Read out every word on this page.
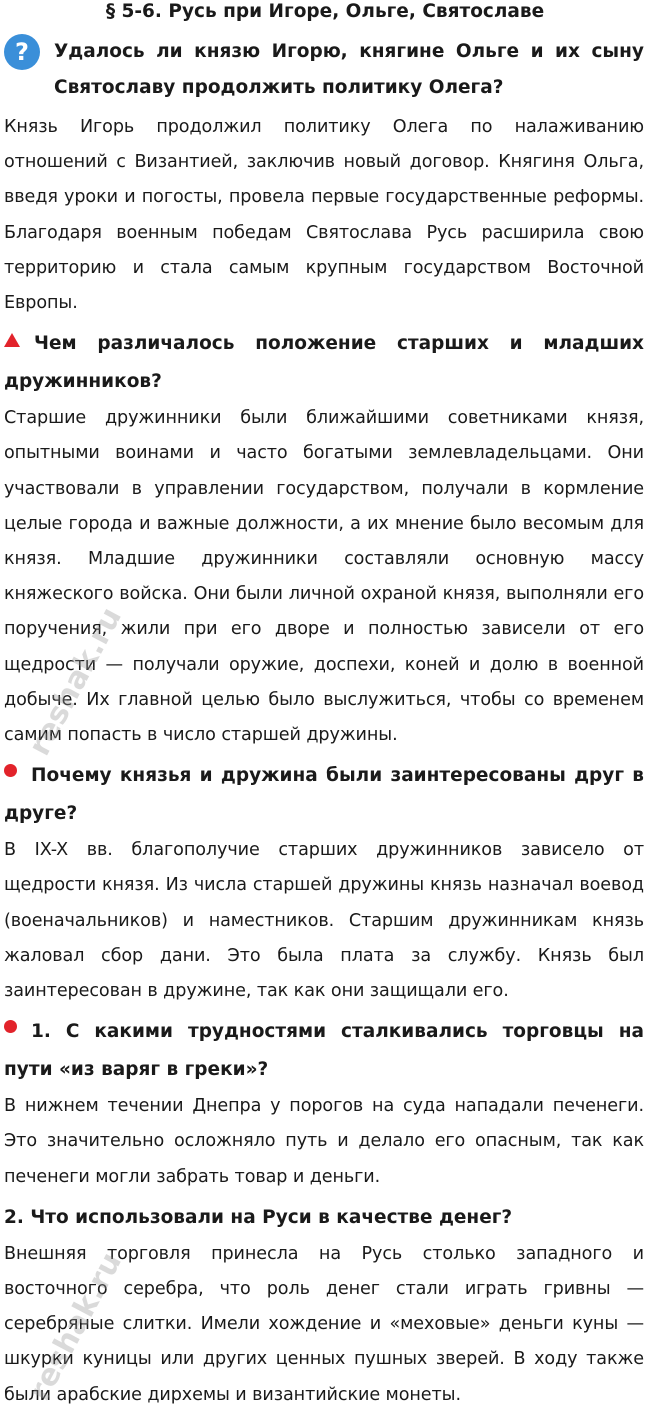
§ 5-6. Русь при Игоре, Ольге, Святославе
?	Удалось ли князю Игорю, княгине Ольге и их сыну Святославу продолжить политику Олега?

Князь Игорь продолжил политику Олега по налаживанию отношений с Византией, заключив новый договор. Княгиня Ольга, введя уроки и погосты, провела первые государственные реформы. Благодаря военным победам Святослава Русь расширила свою территорию и стала самым крупным государством Восточной Европы.

Чем различалось положение старших и младших дружинников?

Старшие дружинники были ближайшими советниками князя, опытными воинами и часто богатыми землевладельцами. Они участвовали в управлении государством, получали в кормление целые города и важные должности, а их мнение было весомым для князя. Младшие дружинники составляли основную массу княжеского войска. Они были личной охраной князя, выполняли его поручения, жили при его дворе и полностью зависели от его щедрости — получали оружие, доспехи, коней и долю в военной добыче. Их главной целью было выслужиться, чтобы со временем самим попасть в число старшей дружины.

Почему князья и дружина были заинтересованы друг в друге?

В IX-X вв. благополучие старших дружинников зависело от щедрости князя. Из числа старшей дружины князь назначал воевод (военачальников) и наместников. Старшим дружинникам князь жаловал сбор дани. Это была плата за службу. Князь был заинтересован в дружине, так как они защищали его.

1. С какими трудностями сталкивались торговцы на пути «из варяг в греки»?

В нижнем течении Днепра у порогов на суда нападали печенеги. Это значительно осложняло путь и делало его опасным, так как печенеги могли забрать товар и деньги.

2. Что использовали на Руси в качестве денег?

Внешняя торговля принесла на Русь столько западного и восточного серебра, что роль денег стали играть гривны — серебряные слитки. Имели хождение и «меховые» деньги куны — шкурки куницы или других ценных пушных зверей. В ходу также были арабские дирхемы и византийские монеты.

reshak.ru
reshak.ru
